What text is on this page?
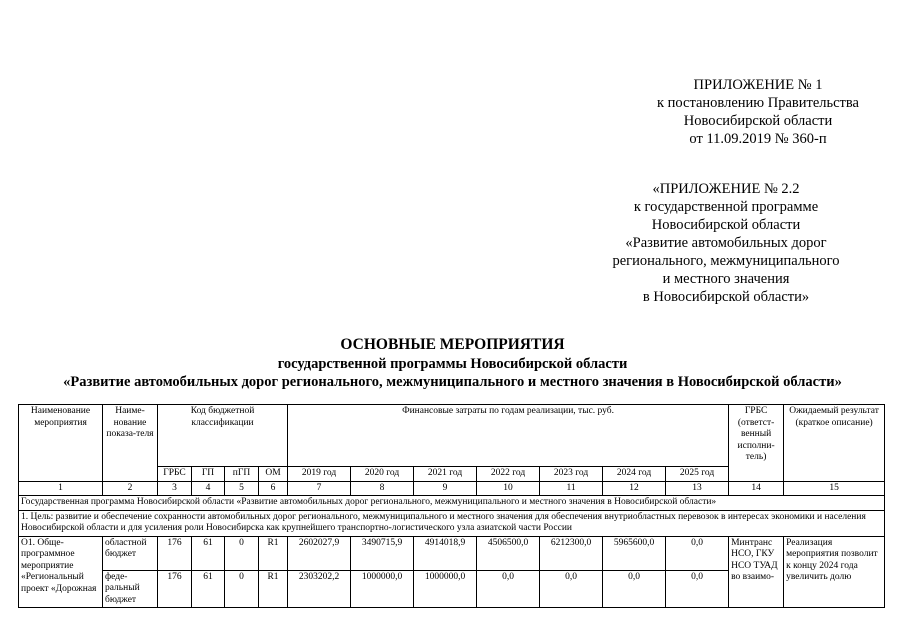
ПРИЛОЖЕНИЕ № 1
к постановлению Правительства
Новосибирской области
от 11.09.2019 № 360-п
«ПРИЛОЖЕНИЕ № 2.2
к государственной программе
Новосибирской области
«Развитие автомобильных дорог
регионального, межмуниципального
и местного значения
в Новосибирской области»
ОСНОВНЫЕ МЕРОПРИЯТИЯ
государственной программы Новосибирской области
«Развитие автомобильных дорог регионального, межмуниципального и местного значения в Новосибирской области»
Наименование мероприятия	Наиме-нование показа-теля	Код бюджетной классификации				Финансовые затраты по годам реализации, тыс. руб.							ГРБС (ответст-венный исполни-тель)	Ожидаемый результат (краткое описание)
		ГРБС	ГП	пГП	ОМ	2019 год	2020 год	2021 год	2022 год	2023 год	2024 год	2025 год		
1	2	3	4	5	6	7	8	9	10	11	12	13	14	15
Государственная программа Новосибирской области «Развитие автомобильных дорог регионального, межмуниципального и местного значения в Новосибирской области»														
1. Цель: развитие и обеспечение сохранности автомобильных дорог регионального, межмуниципального и местного значения для обеспечения внутриобластных перевозок в интересах экономики и населения Новосибирской области и для усиления роли Новосибирска как крупнейшего транспортно-логистического узла азиатской части России														
О1. Обще-программное мероприятие «Региональный проект «Дорожная	областной бюджет	176	61	0	R1	2602027,9	3490715,9	4914018,9	4506500,0	6212300,0	5965600,0	0,0	Минтранс НСО, ГКУ НСО ТУАД во взаимо-	Реализация мероприятия позволит к концу 2024 года увеличить долю
	феде-ральный бюджет	176	61	0	R1	2303202,2	1000000,0	1000000,0	0,0	0,0	0,0	0,0		
